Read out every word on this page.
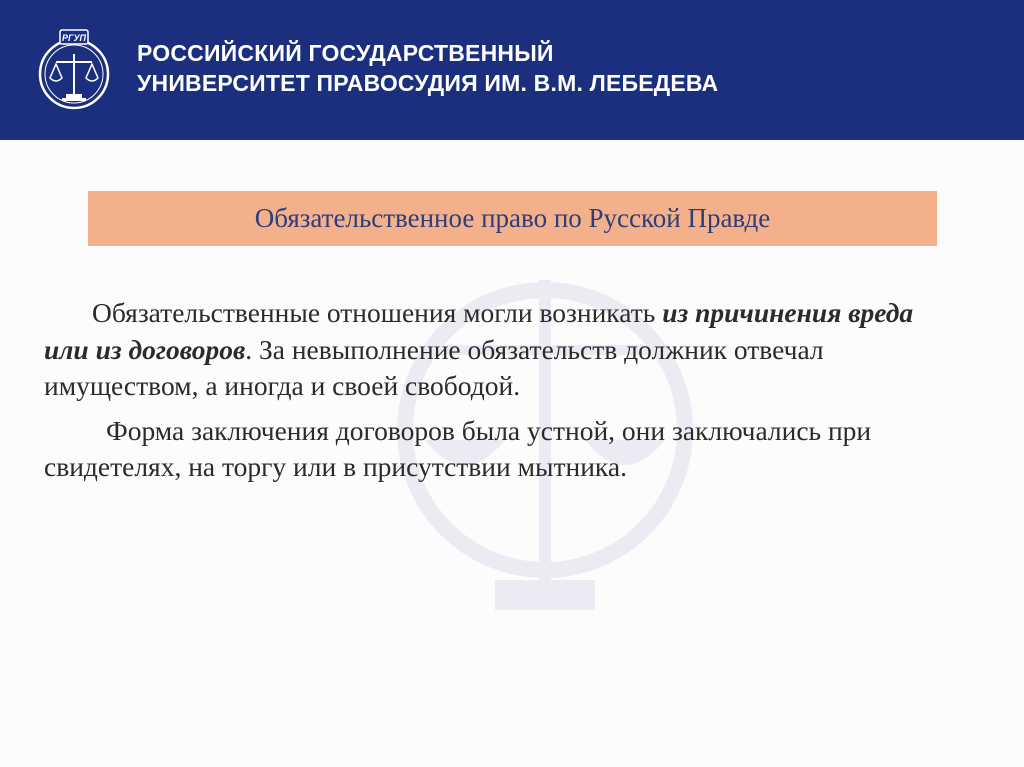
РГУП
РОССИЙСКИЙ ГОСУДАРСТВЕННЫЙ
УНИВЕРСИТЕТ ПРАВОСУДИЯ ИМ. В.М. ЛЕБЕДЕВА
Обязательственное право по Русской Правде

Обязательственные отношения могли возникать из причинения вреда или из договоров. За невыполнение обязательств должник отвечал имуществом, а иногда и своей свободой.

Форма заключения договоров была устной, они заключались при свидетелях, на торгу или в присутствии мытника.
